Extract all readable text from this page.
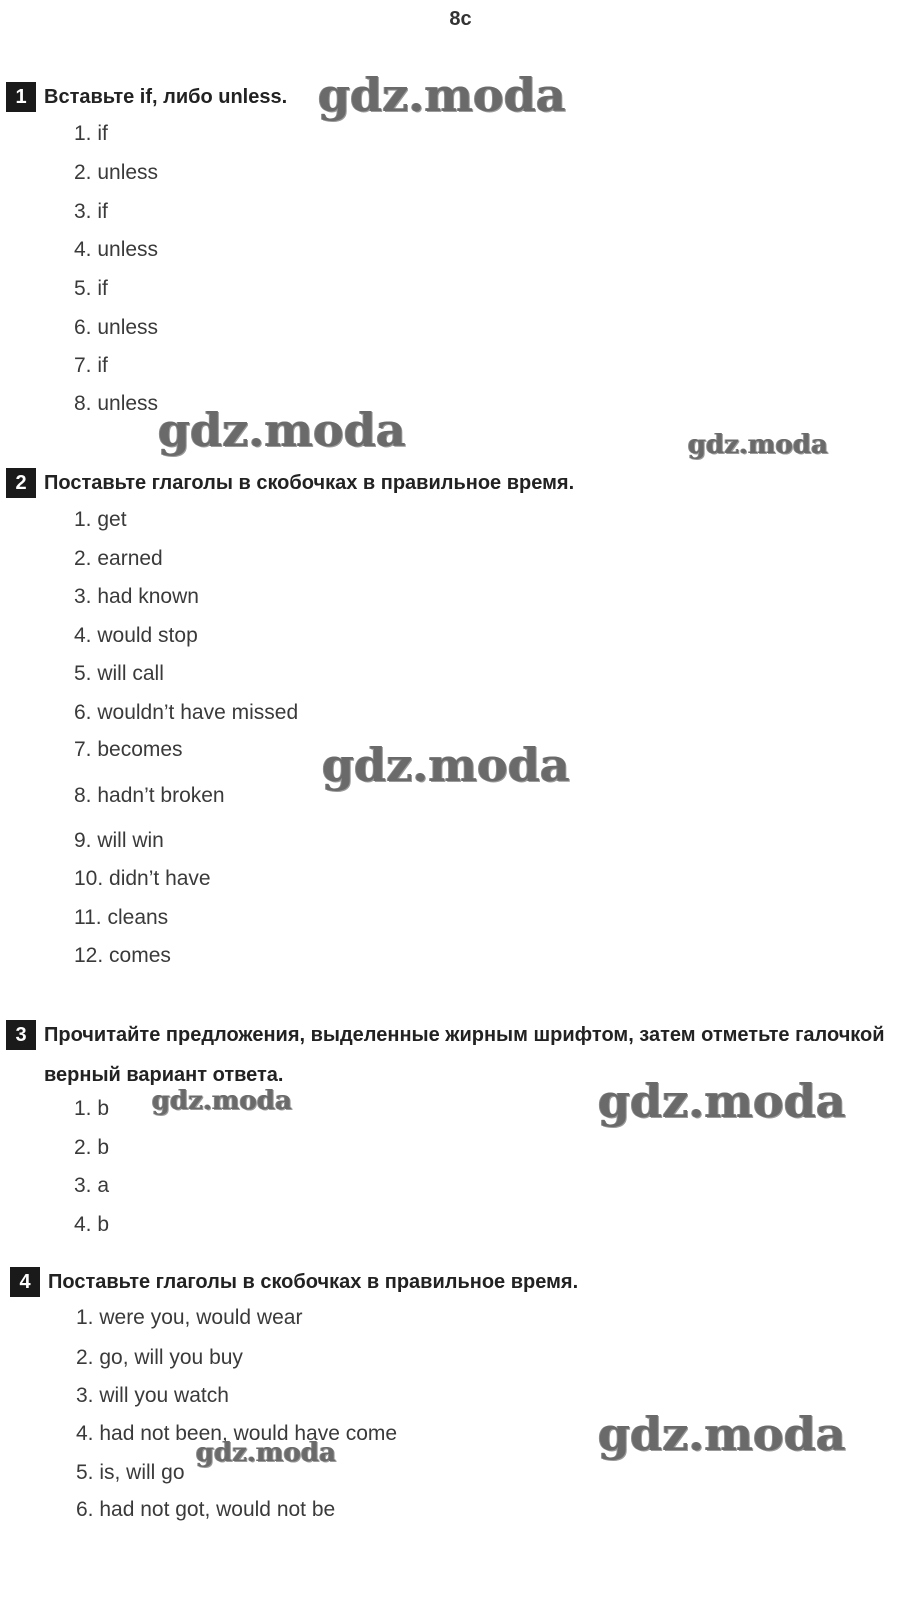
8c
1 Вставьте if, либо unless.
1. if
2. unless
3. if
4. unless
5. if
6. unless
7. if
8. unless
2 Поставьте глаголы в скобочках в правильное время.
1. get
2. earned
3. had known
4. would stop
5. will call
6. wouldn’t have missed
7. becomes
8. hadn’t broken
9. will win
10. didn’t have
11. cleans
12. comes
3 Прочитайте предложения, выделенные жирным шрифтом, затем отметьте галочкой верный вариант ответа.
1. b
2. b
3. a
4. b
4 Поставьте глаголы в скобочках в правильное время.
1. were you, would wear
2. go, will you buy
3. will you watch
4. had not been, would have come
5. is, will go
6. had not got, would not be
gdz.moda
gdz.moda	gdz.moda
gdz.moda
gdz.moda	gdz.moda
gdz.moda
gdz.moda
